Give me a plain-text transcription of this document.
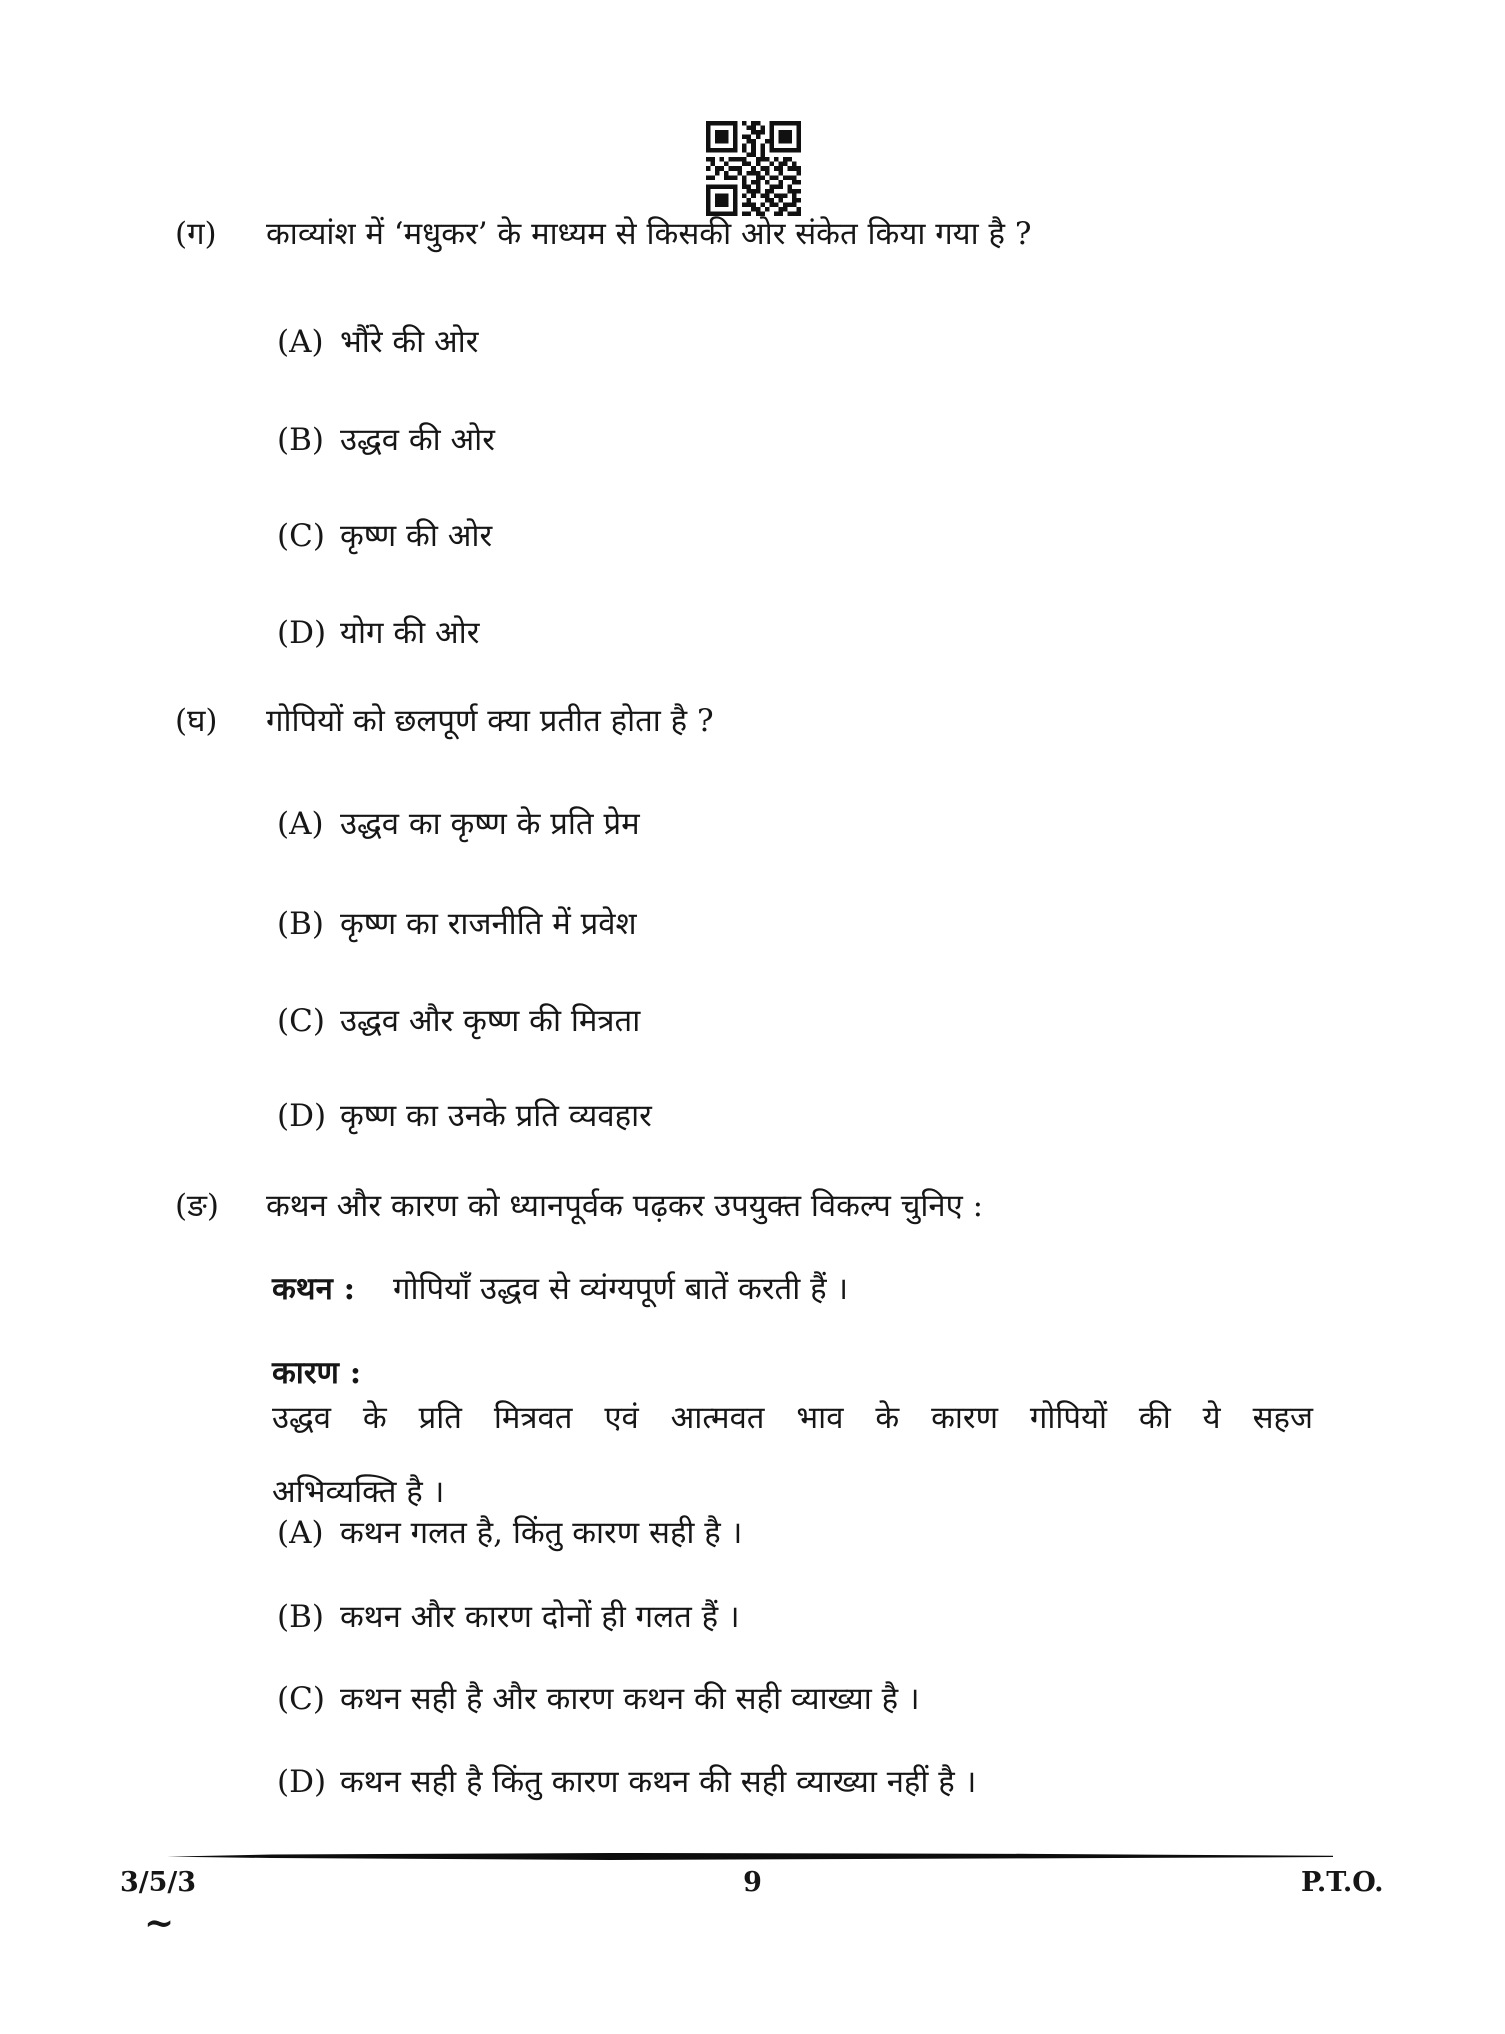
(ग) काव्यांश में ‘मधुकर’ के माध्यम से किसकी ओर संकेत किया गया है ?
(A) भौंरे की ओर
(B) उद्धव की ओर
(C) कृष्ण की ओर
(D) योग की ओर
(घ) गोपियों को छलपूर्ण क्या प्रतीत होता है ?
(A) उद्धव का कृष्ण के प्रति प्रेम
(B) कृष्ण का राजनीति में प्रवेश
(C) उद्धव और कृष्ण की मित्रता
(D) कृष्ण का उनके प्रति व्यवहार
(ङ) कथन और कारण को ध्यानपूर्वक पढ़कर उपयुक्त विकल्प चुनिए :
कथन : गोपियाँ उद्धव से व्यंग्यपूर्ण बातें करती हैं ।
कारण :
उद्धव के प्रति मित्रवत एवं आत्मवत भाव के कारण गोपियों की ये सहज
अभिव्यक्ति है ।
(A) कथन गलत है, किंतु कारण सही है ।
(B) कथन और कारण दोनों ही गलत हैं ।
(C) कथन सही है और कारण कथन की सही व्याख्या है ।
(D) कथन सही है किंतु कारण कथन की सही व्याख्या नहीं है ।
3/5/3	9	P.T.O.
~
